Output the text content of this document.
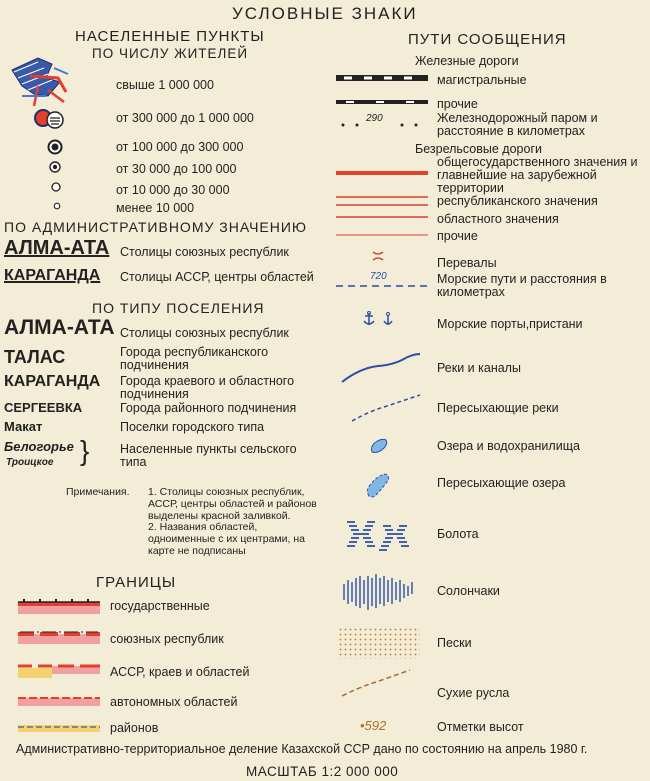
УСЛОВНЫЕ ЗНАКИ
НАСЕЛЕННЫЕ ПУНКТЫ
ПО ЧИСЛУ ЖИТЕЛЕЙ
свыше 1 000 000
от 300 000 до 1 000 000
от 100 000 до 300 000
от 30 000 до 100 000
от 10 000 до 30 000
менее 10 000
ПО АДМИНИСТРАТИВНОМУ ЗНАЧЕНИЮ
АЛМА-АТА Столицы союзных республик
КАРАГАНДА Столицы АССР, центры областей
ПО ТИПУ ПОСЕЛЕНИЯ
АЛМА-АТА Столицы союзных республик
ТАЛАС	Города республиканского подчинения
КАРАГАНДА Города краевого и областного подчинения
СЕРГЕЕВКА	Города районного подчинения
Макат	Поселки городского типа
Белогорье
Троицкое } Населенные пункты сельского типа
Примечания. 1. Столицы союзных республик, АССР, центры областей и районов выделены красной заливкой.
2. Названия областей, одноименные с их центрами, на карте не подписаны
ГРАНИЦЫ
государственные
союзных республик
АССР, краев и областей
автономных областей
районов
ПУТИ СООБЩЕНИЯ
Железные дороги
магистральные
прочие
290	Железнодорожный паром и расстояние в километрах
Безрельсовые дороги
общегосударственного значения и главнейшие на зарубежной территории
республиканского значения
областного значения
прочие
Перевалы
720	Морские пути и расстояния в километрах
Морские порты,пристани
Реки и каналы
Пересыхающие реки
Озера и водохранилища
Пересыхающие озера
Болота
Солончаки
Пески
Сухие русла
•592	Отметки высот
Административно-территориальное деление Казахской ССР дано по состоянию на апрель 1980 г.
МАСШТАБ 1:2 000 000
